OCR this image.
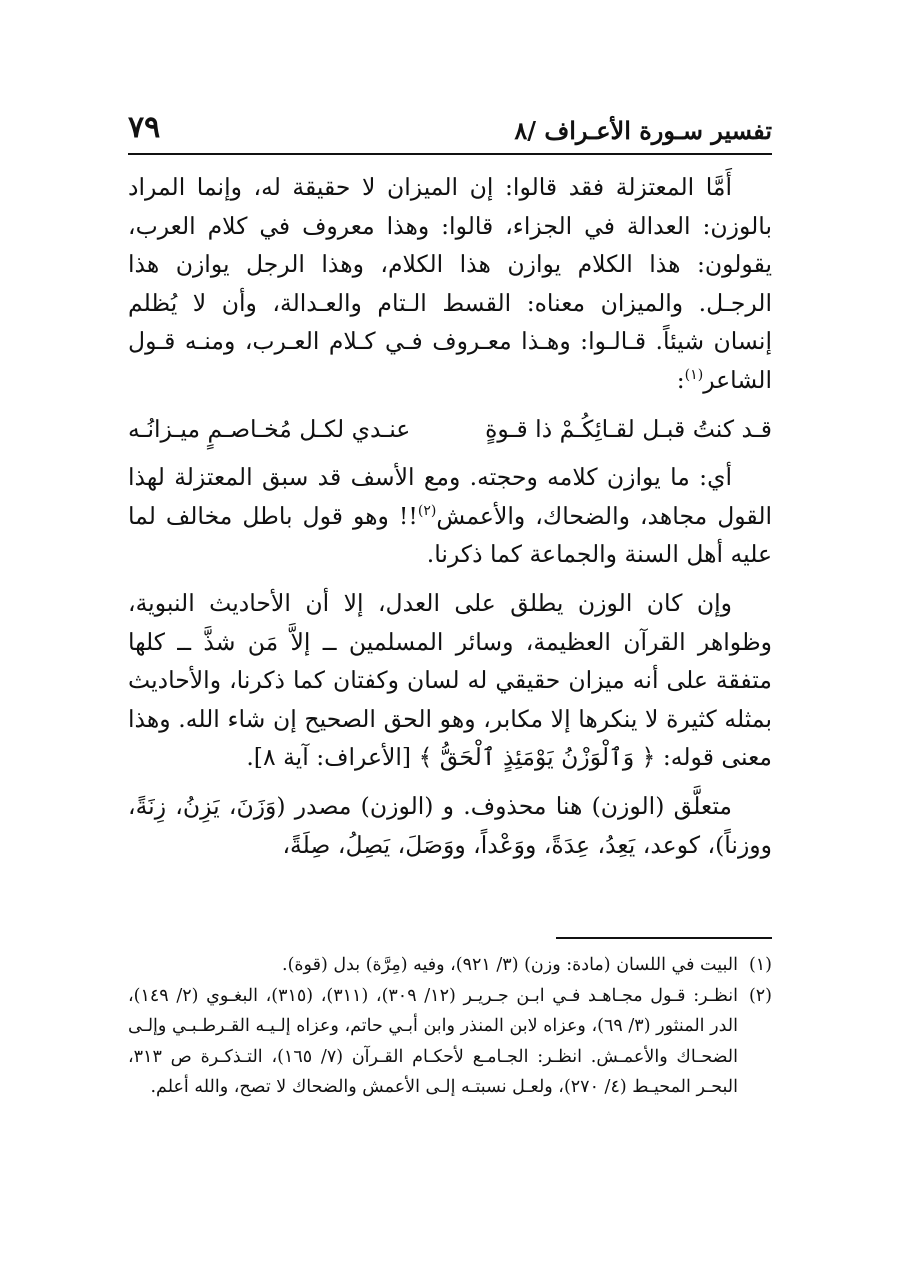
تفسير سـورة الأعـراف /٨
٧٩

أَمَّا المعتزلة فقد قالوا: إن الميزان لا حقيقة له، وإنما المراد بالوزن: العدالة في الجزاء، قالوا: وهذا معروف في كلام العرب، يقولون: هذا الكلام يوازن هذا الكلام، وهذا الرجل يوازن هذا الرجـل. والميزان معناه: القسط الـتام والعـدالة، وأن لا يُظلم إنسان شيئاً. قـالـوا: وهـذا معـروف فـي كـلام العـرب، ومنـه قـول الشاعر$^{(١)}$:

قـد كنتُ قبـل لقـائِكُـمْ ذا قـوةٍ
عنـدي لكـل مُخـاصـمٍ ميـزانُـه

أي: ما يوازن كلامه وحجته. ومع الأسف قد سبق المعتزلة لهذا القول مجاهد، والضحاك، والأعمش$^{(٢)}$!! وهو قول باطل مخالف لما عليه أهل السنة والجماعة كما ذكرنا.

وإن كان الوزن يطلق على العدل، إلا أن الأحاديث النبوية، وظواهر القرآن العظيمة، وسائر المسلمين ــ إلاَّ مَن شذَّ ــ كلها متفقة على أنه ميزان حقيقي له لسان وكفتان كما ذكرنا، والأحاديث بمثله كثيرة لا ينكرها إلا مكابر، وهو الحق الصحيح إن شاء الله. وهذا معنى قوله: ﴿ وَٱلْوَزْنُ يَوْمَئِذٍ ٱلْحَقُّ ﴾ [الأعراف: آية ٨].

متعلَّق (الوزن) هنا محذوف. و (الوزن) مصدر (وَزَنَ، يَزِنُ، زِنَةً، ووزناً)، كوعد، يَعِدُ، عِدَةً، ووَعْداً، ووَصَلَ، يَصِلُ، صِلَةً،

(١)
البيت في اللسان (مادة: وزن) (٣/ ٩٢١)، وفيه (مِرَّة) بدل (قوة).
(٢)
انظـر: قـول مجـاهـد فـي ابـن جـريـر (١٢/ ٣٠٩)، (٣١١)، (٣١٥)، البغـوي (٢/ ١٤٩)، الدر المنثور (٣/ ٦٩)، وعزاه لابن المنذر وابن أبـي حاتم، وعزاه إلـيـه القـرطـبـي وإلـى الضحـاك والأعمـش. انظـر: الجـامـع لأحكـام القـرآن (٧/ ١٦٥)، التـذكـرة ص ٣١٣، البحـر المحيـط (٤/ ٢٧٠)، ولعـل نسبتـه إلـى الأعمش والضحاك لا تصح، والله أعلم.
